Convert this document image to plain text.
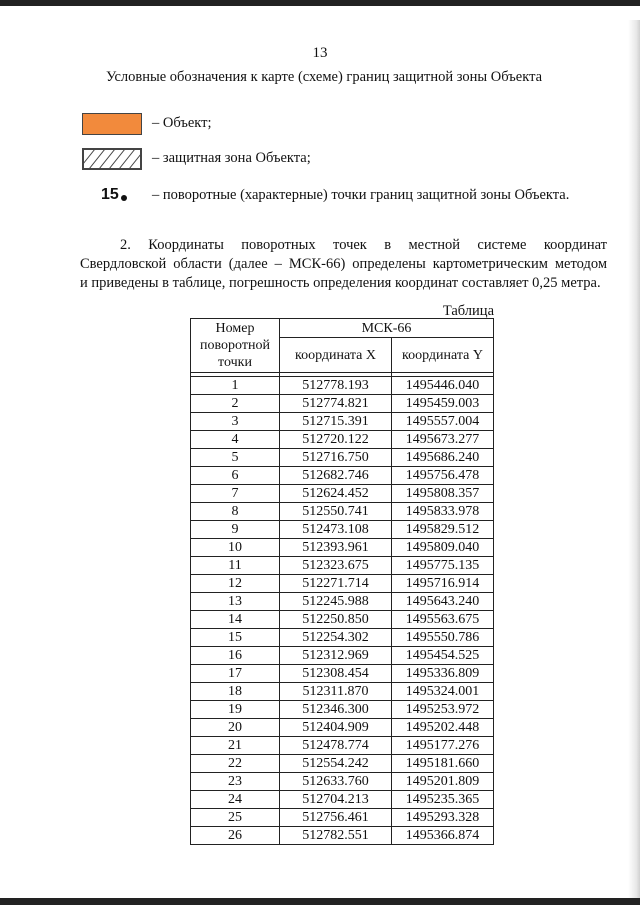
13
Условные обозначения к карте (схеме) границ защитной зоны Объекта
– Объект;
– защитная зона Объекта;
15	– поворотные (характерные) точки границ защитной зоны Объекта.
2. Координаты поворотных точек в местной системе координат
Свердловской области (далее – МСК-66) определены картометрическим методом
и приведены в таблице, погрешность определения координат составляет 0,25 метра.
Таблица
Номер поворотной точки	МСК-66	
	координата X	координата Y

1	512778.193	1495446.040
2	512774.821	1495459.003
3	512715.391	1495557.004
4	512720.122	1495673.277
5	512716.750	1495686.240
6	512682.746	1495756.478
7	512624.452	1495808.357
8	512550.741	1495833.978
9	512473.108	1495829.512
10	512393.961	1495809.040
11	512323.675	1495775.135
12	512271.714	1495716.914
13	512245.988	1495643.240
14	512250.850	1495563.675
15	512254.302	1495550.786
16	512312.969	1495454.525
17	512308.454	1495336.809
18	512311.870	1495324.001
19	512346.300	1495253.972
20	512404.909	1495202.448
21	512478.774	1495177.276
22	512554.242	1495181.660
23	512633.760	1495201.809
24	512704.213	1495235.365
25	512756.461	1495293.328
26	512782.551	1495366.874
